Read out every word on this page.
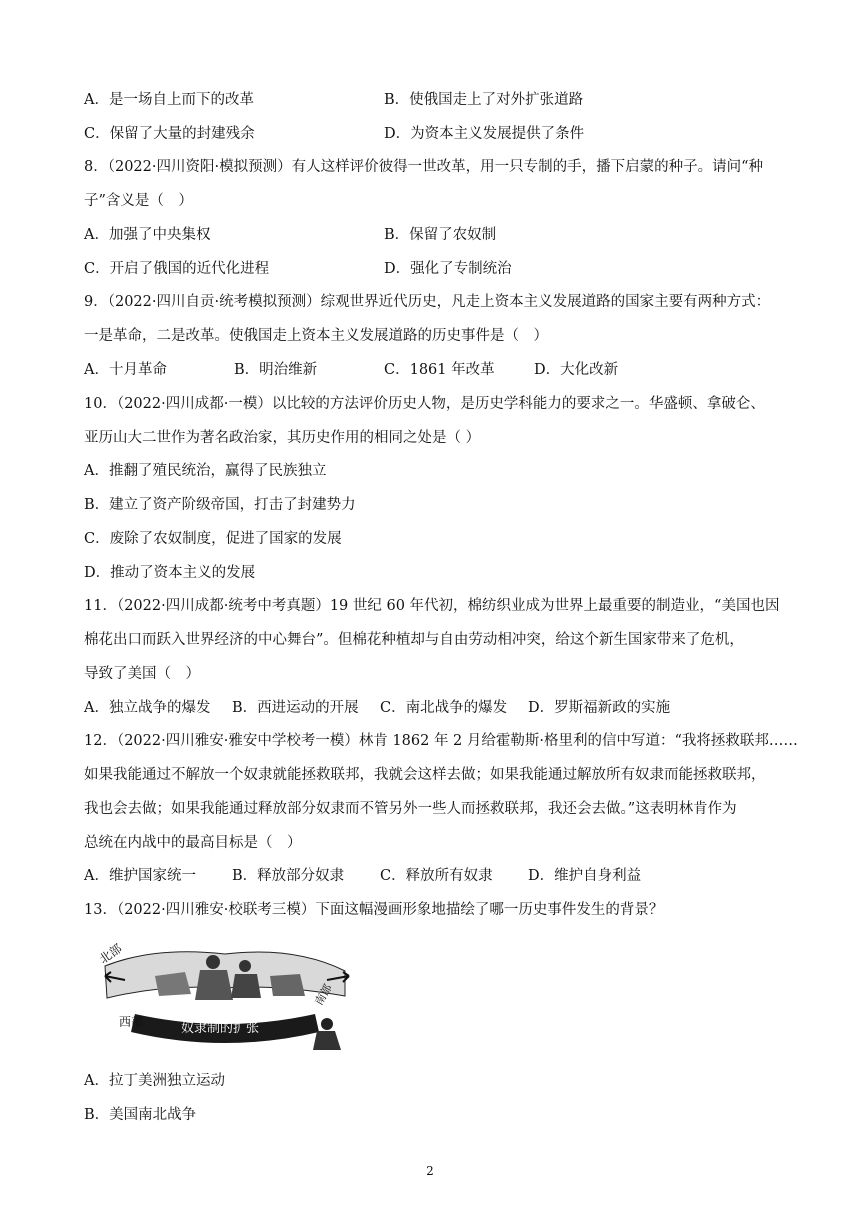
A．是一场自上而下的改革	B．使俄国走上了对外扩张道路
C．保留了大量的封建残余	D．为资本主义发展提供了条件
8．（2022·四川资阳·模拟预测）有人这样评价彼得一世改革，用一只专制的手，播下启蒙的种子。请问“种
子”含义是（　）
A．加强了中央集权	B．保留了农奴制
C．开启了俄国的近代化进程	D．强化了专制统治
9．（2022·四川自贡·统考模拟预测）综观世界近代历史，凡走上资本主义发展道路的国家主要有两种方式：
一是革命，二是改革。使俄国走上资本主义发展道路的历史事件是（　）
A．十月革命	B．明治维新	C．1861 年改革	D．大化改新
10．（2022·四川成都·一模）以比较的方法评价历史人物，是历史学科能力的要求之一。华盛顿、拿破仑、
亚历山大二世作为著名政治家，其历史作用的相同之处是（ ）
A．推翻了殖民统治，赢得了民族独立
B．建立了资产阶级帝国，打击了封建势力
C．废除了农奴制度，促进了国家的发展
D．推动了资本主义的发展
11．（2022·四川成都·统考中考真题）19 世纪 60 年代初，棉纺织业成为世界上最重要的制造业，“美国也因
棉花出口而跃入世界经济的中心舞台”。但棉花种植却与自由劳动相冲突，给这个新生国家带来了危机，
导致了美国（　）
A．独立战争的爆发 B．西进运动的开展 C．南北战争的爆发 D．罗斯福新政的实施
12．（2022·四川雅安·雅安中学校考一模）林肯 1862 年 2 月给霍勒斯·格里利的信中写道：“我将拯救联邦……
如果我能通过不解放一个奴隶就能拯救联邦，我就会这样去做；如果我能通过解放所有奴隶而能拯救联邦，
我也会去做；如果我能通过释放部分奴隶而不管另外一些人而拯救联邦，我还会去做。”这表明林肯作为
总统在内战中的最高目标是（　）
A．维护国家统一 B．释放部分奴隶 C．释放所有奴隶 D．维护自身利益
13．（2022·四川雅安·校联考三模）下面这幅漫画形象地描绘了哪一历史事件发生的背景？
北部
西部
南部
奴隶制的扩张
A．拉丁美洲独立运动
B．美国南北战争
2
